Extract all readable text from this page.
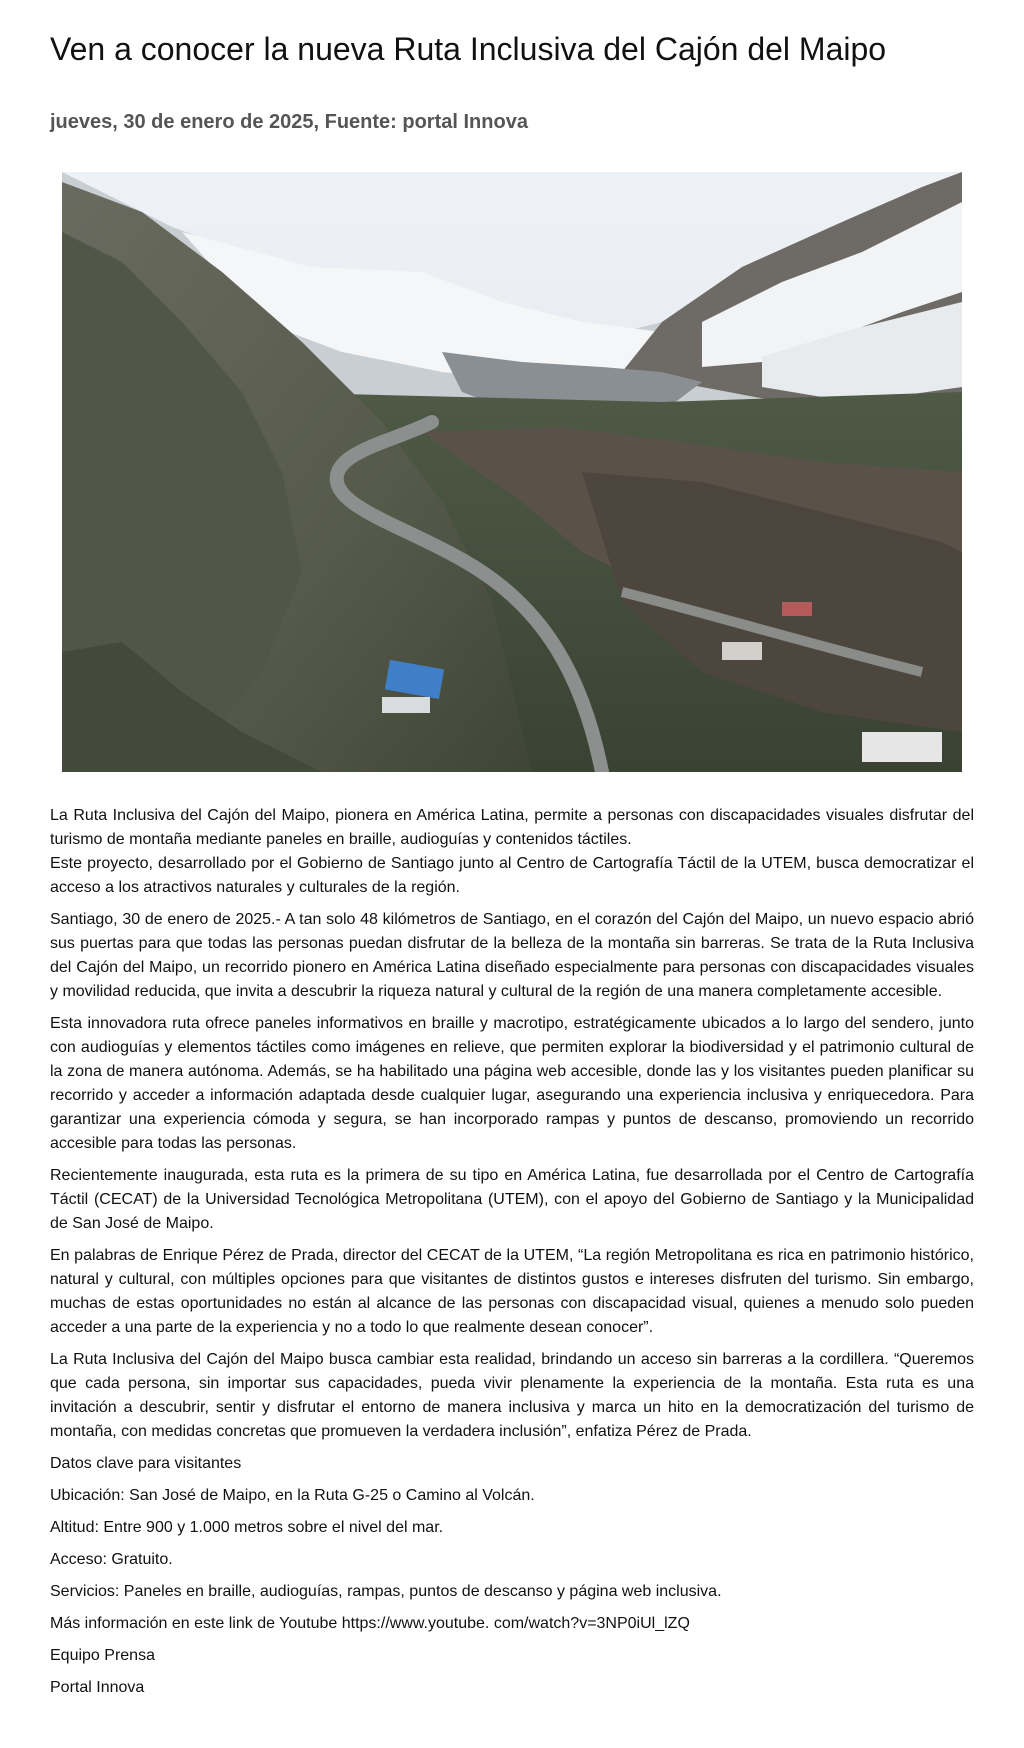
Ven a conocer la nueva Ruta Inclusiva del Cajón del Maipo
jueves, 30 de enero de 2025, Fuente: portal Innova

La Ruta Inclusiva del Cajón del Maipo, pionera en América Latina, permite a personas con discapacidades visuales disfrutar del turismo de montaña mediante paneles en braille, audioguías y contenidos táctiles.

Este proyecto, desarrollado por el Gobierno de Santiago junto al Centro de Cartografía Táctil de la UTEM, busca democratizar el acceso a los atractivos naturales y culturales de la región.

Santiago, 30 de enero de 2025.- A tan solo 48 kilómetros de Santiago, en el corazón del Cajón del Maipo, un nuevo espacio abrió sus puertas para que todas las personas puedan disfrutar de la belleza de la montaña sin barreras. Se trata de la Ruta Inclusiva del Cajón del Maipo, un recorrido pionero en América Latina diseñado especialmente para personas con discapacidades visuales y movilidad reducida, que invita a descubrir la riqueza natural y cultural de la región de una manera completamente accesible.

Esta innovadora ruta ofrece paneles informativos en braille y macrotipo, estratégicamente ubicados a lo largo del sendero, junto con audioguías y elementos táctiles como imágenes en relieve, que permiten explorar la biodiversidad y el patrimonio cultural de la zona de manera autónoma. Además, se ha habilitado una página web accesible, donde las y los visitantes pueden planificar su recorrido y acceder a información adaptada desde cualquier lugar, asegurando una experiencia inclusiva y enriquecedora. Para garantizar una experiencia cómoda y segura, se han incorporado rampas y puntos de descanso, promoviendo un recorrido accesible para todas las personas.

Recientemente inaugurada, esta ruta es la primera de su tipo en América Latina, fue desarrollada por el Centro de Cartografía Táctil (CECAT) de la Universidad Tecnológica Metropolitana (UTEM), con el apoyo del Gobierno de Santiago y la Municipalidad de San José de Maipo.

En palabras de Enrique Pérez de Prada, director del CECAT de la UTEM, “La región Metropolitana es rica en patrimonio histórico, natural y cultural, con múltiples opciones para que visitantes de distintos gustos e intereses disfruten del turismo. Sin embargo, muchas de estas oportunidades no están al alcance de las personas con discapacidad visual, quienes a menudo solo pueden acceder a una parte de la experiencia y no a todo lo que realmente desean conocer”.

La Ruta Inclusiva del Cajón del Maipo busca cambiar esta realidad, brindando un acceso sin barreras a la cordillera. “Queremos que cada persona, sin importar sus capacidades, pueda vivir plenamente la experiencia de la montaña. Esta ruta es una invitación a descubrir, sentir y disfrutar el entorno de manera inclusiva y marca un hito en la democratización del turismo de montaña, con medidas concretas que promueven la verdadera inclusión”, enfatiza Pérez de Prada.

Datos clave para visitantes

Ubicación: San José de Maipo, en la Ruta G-25 o Camino al Volcán.

Altitud: Entre 900 y 1.000 metros sobre el nivel del mar.

Acceso: Gratuito.

Servicios: Paneles en braille, audioguías, rampas, puntos de descanso y página web inclusiva.

Más información en este link de Youtube https://www.youtube. com/watch?v=3NP0iUl_lZQ

Equipo Prensa

Portal Innova
